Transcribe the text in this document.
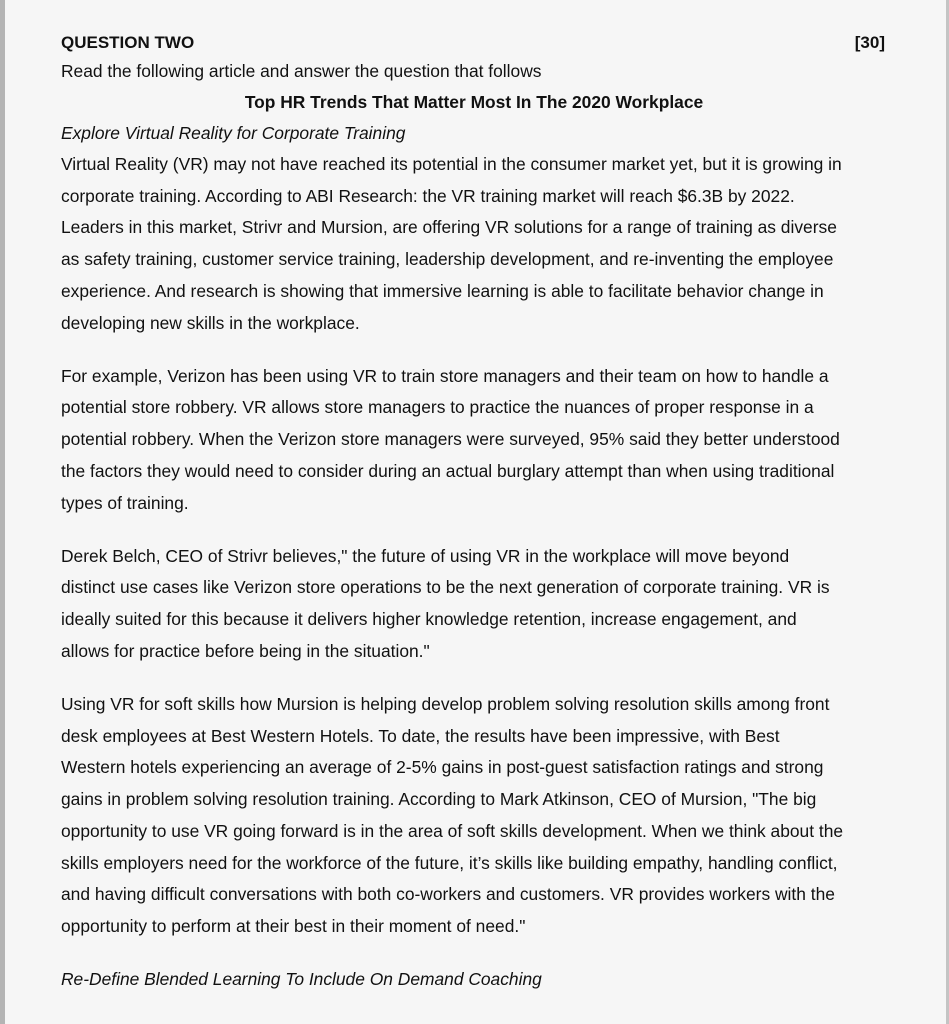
QUESTION TWO	[30]
Read the following article and answer the question that follows
Top HR Trends That Matter Most In The 2020 Workplace
Explore Virtual Reality for Corporate Training
Virtual Reality (VR) may not have reached its potential in the consumer market yet, but it is growing in
corporate training. According to ABI Research: the VR training market will reach $6.3B by 2022.
Leaders in this market, Strivr and Mursion, are offering VR solutions for a range of training as diverse
as safety training, customer service training, leadership development, and re-inventing the employee
experience. And research is showing that immersive learning is able to facilitate behavior change in
developing new skills in the workplace.
For example, Verizon has been using VR to train store managers and their team on how to handle a
potential store robbery. VR allows store managers to practice the nuances of proper response in a
potential robbery. When the Verizon store managers were surveyed, 95% said they better understood
the factors they would need to consider during an actual burglary attempt than when using traditional
types of training.
Derek Belch, CEO of Strivr believes," the future of using VR in the workplace will move beyond
distinct use cases like Verizon store operations to be the next generation of corporate training. VR is
ideally suited for this because it delivers higher knowledge retention, increase engagement, and
allows for practice before being in the situation."
Using VR for soft skills how Mursion is helping develop problem solving resolution skills among front
desk employees at Best Western Hotels. To date, the results have been impressive, with Best
Western hotels experiencing an average of 2-5% gains in post-guest satisfaction ratings and strong
gains in problem solving resolution training. According to Mark Atkinson, CEO of Mursion, "The big
opportunity to use VR going forward is in the area of soft skills development. When we think about the
skills employers need for the workforce of the future, it’s skills like building empathy, handling conflict,
and having difficult conversations with both co-workers and customers. VR provides workers with the
opportunity to perform at their best in their moment of need."
Re-Define Blended Learning To Include On Demand Coaching
